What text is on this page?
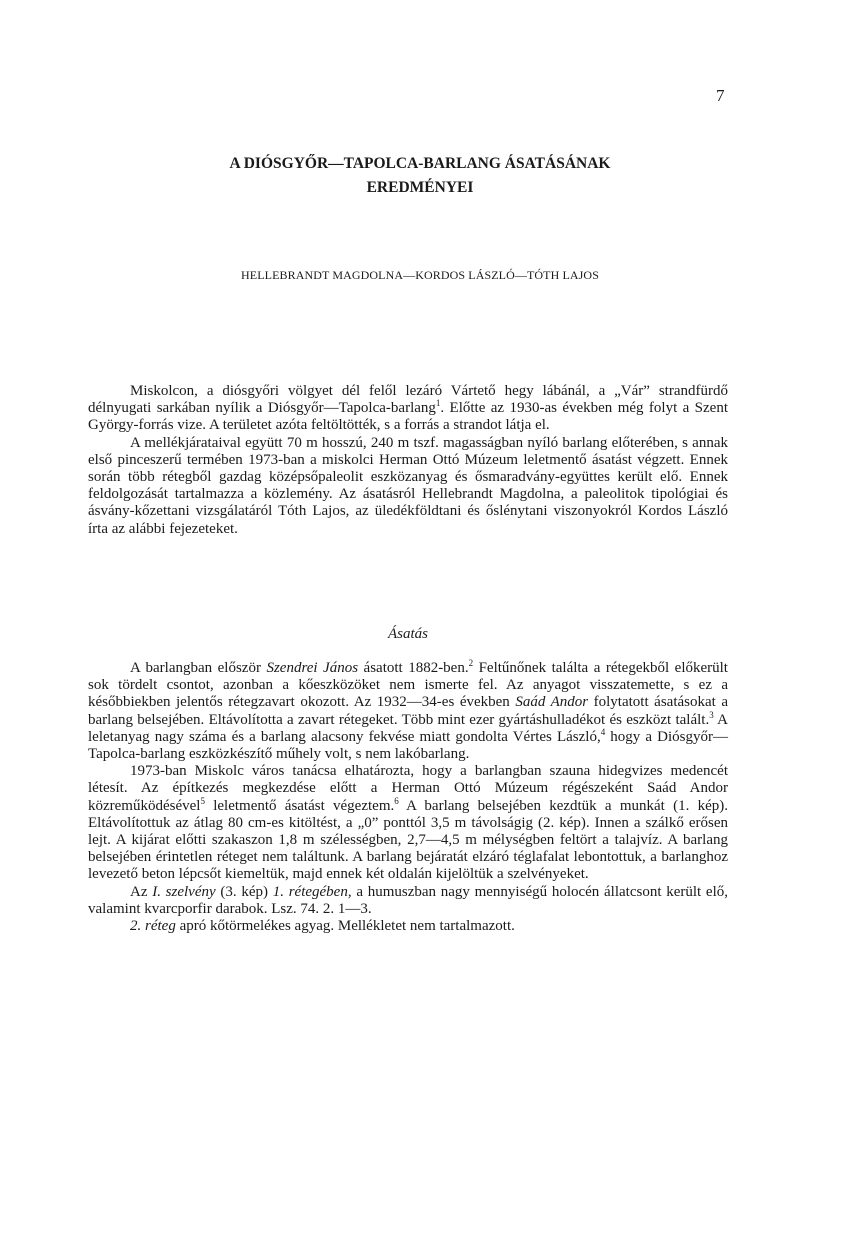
7
A DIÓSGYŐR—TAPOLCA-BARLANG ÁSATÁSÁNAK
EREDMÉNYEI
HELLEBRANDT MAGDOLNA—KORDOS LÁSZLÓ—TÓTH LAJOS

Miskolcon, a diósgyőri völgyet dél felől lezáró Vártető hegy lábánál, a „Vár” strandfürdő délnyugati sarkában nyílik a Diósgyőr—Tapolca-barlang$^1$. Előtte az 1930-as években még folyt a Szent György-forrás vize. A területet azóta feltöltötték, s a forrás a strandot látja el.

A mellékjárataival együtt 70 m hosszú, 240 m tszf. magasságban nyíló barlang előterében, s annak első pinceszerű termében 1973-ban a miskolci Herman Ottó Múzeum leletmentő ásatást végzett. Ennek során több rétegből gazdag középsőpaleolit eszközanyag és ősmaradvány-együttes került elő. Ennek feldolgozását tartalmazza a közlemény. Az ásatásról Hellebrandt Magdolna, a paleolitok tipológiai és ásvány-kőzettani vizsgálatáról Tóth Lajos, az üledékföldtani és őslénytani viszonyokról Kordos László írta az alábbi fejezeteket.

Ásatás

A barlangban először Szendrei János ásatott 1882-ben.$^2$ Feltűnőnek találta a rétegekből előkerült sok tördelt csontot, azonban a kőeszközöket nem ismerte fel. Az anyagot visszatemette, s ez a későbbiekben jelentős rétegzavart okozott. Az 1932—34-es években Saád Andor folytatott ásatásokat a barlang belsejében. Eltávolította a zavart rétegeket. Több mint ezer gyártáshulladékot és eszközt talált.$^3$ A leletanyag nagy száma és a barlang alacsony fekvése miatt gondolta Vértes László,$^4$ hogy a Diósgyőr—Tapolca-barlang eszközkészítő műhely volt, s nem lakóbarlang.

1973-ban Miskolc város tanácsa elhatározta, hogy a barlangban szauna hidegvizes medencét létesít. Az építkezés megkezdése előtt a Herman Ottó Múzeum régészeként Saád Andor közreműködésével$^5$ leletmentő ásatást végeztem.$^6$ A barlang belsejében kezdtük a munkát (1. kép). Eltávolítottuk az átlag 80 cm-es kitöltést, a „0” ponttól 3,5 m távolságig (2. kép). Innen a szálkő erősen lejt. A kijárat előtti szakaszon 1,8 m szélességben, 2,7—4,5 m mélységben feltört a talajvíz. A barlang belsejében érintetlen réteget nem találtunk. A barlang bejáratát elzáró téglafalat lebontottuk, a barlanghoz levezető beton lépcsőt kiemeltük, majd ennek két oldalán kijelöltük a szelvényeket.

Az I. szelvény (3. kép) 1. rétegében, a humuszban nagy mennyiségű holocén állatcsont került elő, valamint kvarcporfir darabok. Lsz. 74. 2. 1—3.

2. réteg apró kőtörmelékes agyag. Mellékletet nem tartalmazott.
